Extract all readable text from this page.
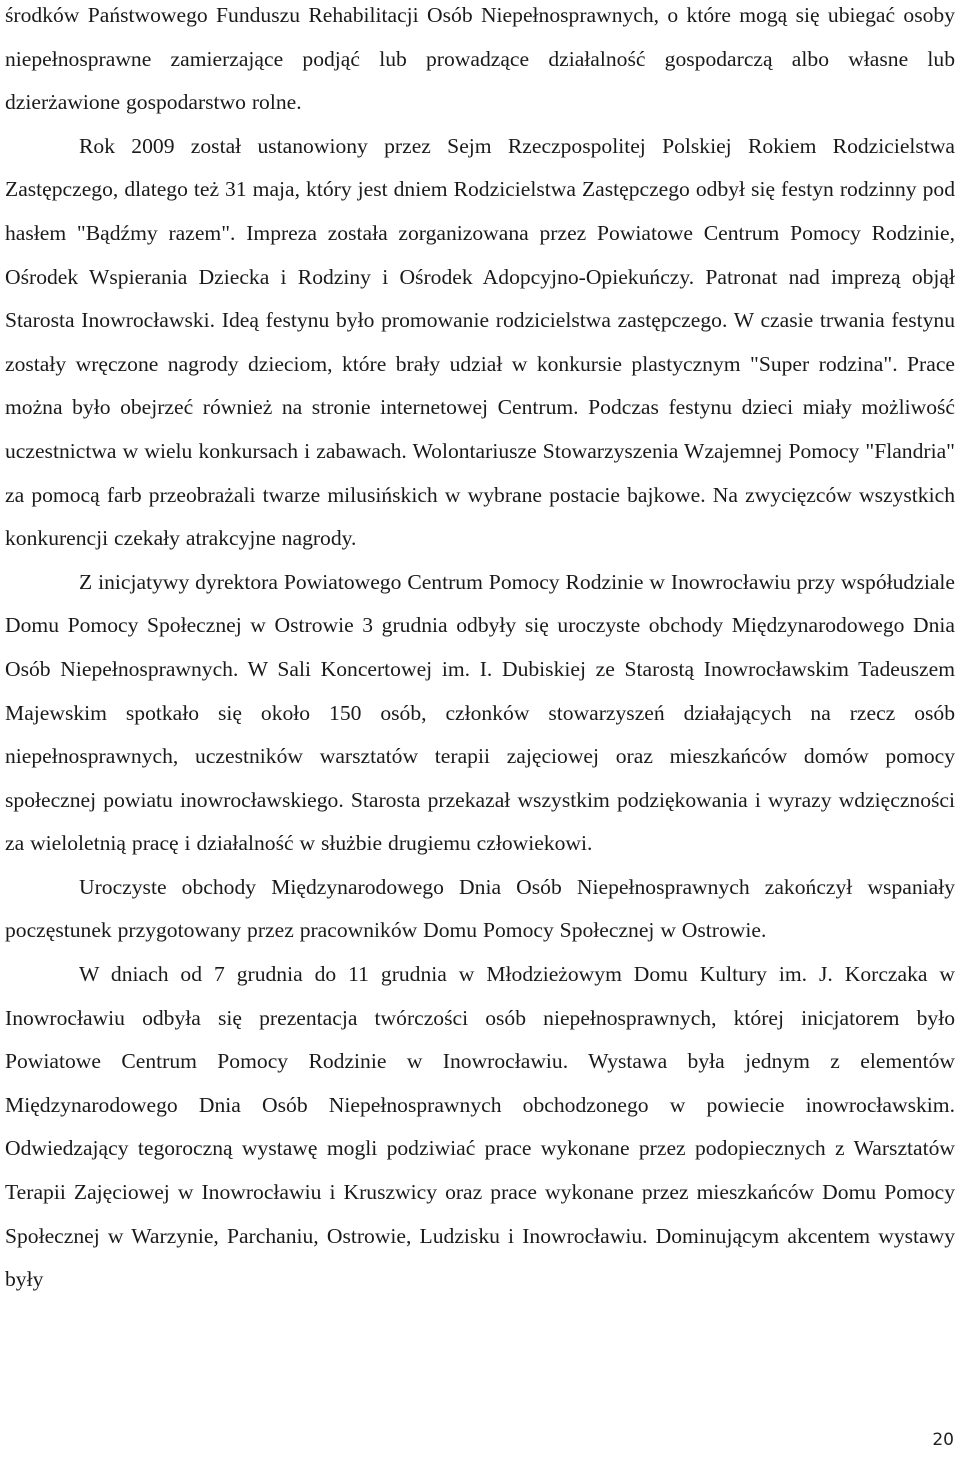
środków Państwowego Funduszu Rehabilitacji Osób Niepełnosprawnych, o które mogą się ubiegać osoby niepełnosprawne zamierzające podjąć lub prowadzące działalność gospodarczą albo własne lub dzierżawione gospodarstwo rolne.

Rok 2009 został ustanowiony przez Sejm Rzeczpospolitej Polskiej Rokiem Rodzicielstwa Zastępczego, dlatego też 31 maja, który jest dniem Rodzicielstwa Zastępczego odbył się festyn rodzinny pod hasłem "Bądźmy razem". Impreza została zorganizowana przez Powiatowe Centrum Pomocy Rodzinie, Ośrodek Wspierania Dziecka i Rodziny i Ośrodek Adopcyjno-Opiekuńczy. Patronat nad imprezą objął Starosta Inowrocławski. Ideą festynu było promowanie rodzicielstwa zastępczego. W czasie trwania festynu zostały wręczone nagrody dzieciom, które brały udział w konkursie plastycznym "Super rodzina". Prace można było obejrzeć również na stronie internetowej Centrum. Podczas festynu dzieci miały możliwość uczestnictwa w wielu konkursach i zabawach. Wolontariusze Stowarzyszenia Wzajemnej Pomocy "Flandria" za pomocą farb przeobrażali twarze milusińskich w wybrane postacie bajkowe. Na zwycięzców wszystkich konkurencji czekały atrakcyjne nagrody.

Z inicjatywy dyrektora Powiatowego Centrum Pomocy Rodzinie w Inowrocławiu przy współudziale Domu Pomocy Społecznej w Ostrowie 3 grudnia odbyły się uroczyste obchody Międzynarodowego Dnia Osób Niepełnosprawnych. W Sali Koncertowej im. I. Dubiskiej ze Starostą Inowrocławskim Tadeuszem Majewskim spotkało się około 150 osób, członków stowarzyszeń działających na rzecz osób niepełnosprawnych, uczestników warsztatów terapii zajęciowej oraz mieszkańców domów pomocy społecznej powiatu inowrocławskiego. Starosta przekazał wszystkim podziękowania i wyrazy wdzięczności za wieloletnią pracę i działalność w służbie drugiemu człowiekowi.

Uroczyste obchody Międzynarodowego Dnia Osób Niepełnosprawnych zakończył wspaniały poczęstunek przygotowany przez pracowników Domu Pomocy Społecznej w Ostrowie.

W dniach od 7 grudnia do 11 grudnia w Młodzieżowym Domu Kultury im. J. Korczaka w Inowrocławiu odbyła się prezentacja twórczości osób niepełnosprawnych, której inicjatorem było Powiatowe Centrum Pomocy Rodzinie w Inowrocławiu. Wystawa była jednym z elementów Międzynarodowego Dnia Osób Niepełnosprawnych obchodzonego w powiecie inowrocławskim. Odwiedzający tegoroczną wystawę mogli podziwiać prace wykonane przez podopiecznych z Warsztatów Terapii Zajęciowej w Inowrocławiu i Kruszwicy oraz prace wykonane przez mieszkańców Domu Pomocy Społecznej w Warzynie, Parchaniu, Ostrowie, Ludzisku i Inowrocławiu. Dominującym akcentem wystawy były

20
